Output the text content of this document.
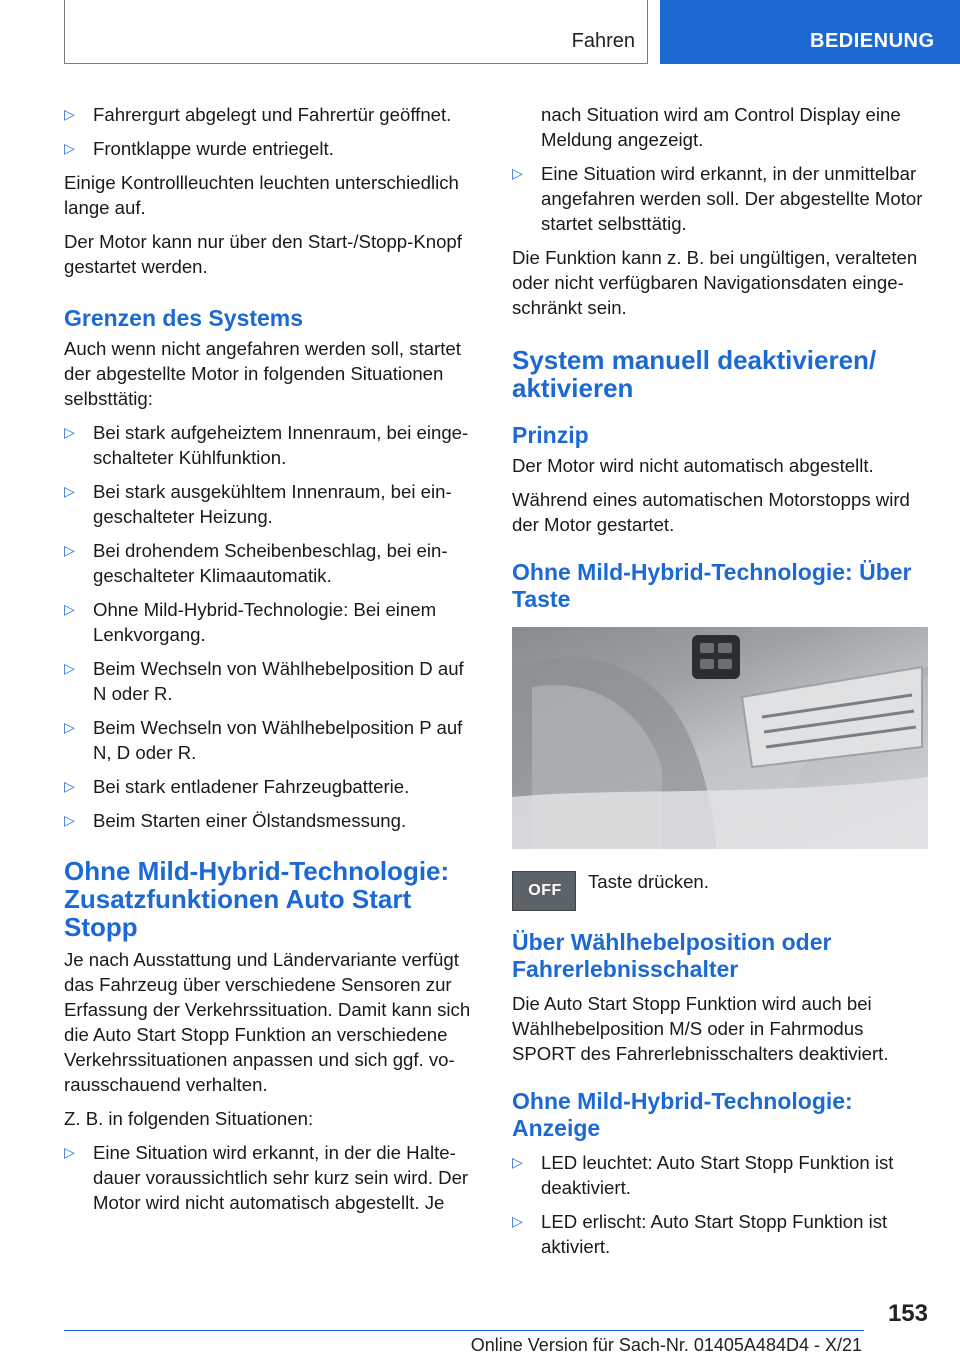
Fahren	BEDIENUNG
▷ Fahrergurt abgelegt und Fahrertür geöffnet.
▷ Frontklappe wurde entriegelt.

Einige Kontrollleuchten leuchten unterschiedlich lange auf.

Der Motor kann nur über den Start-/Stopp-Knopf gestartet werden.

Grenzen des Systems

Auch wenn nicht angefahren werden soll, startet der abgestellte Motor in folgenden Situationen selbsttätig:

▷ Bei stark aufgeheiztem Innenraum, bei eingeschalteter Kühlfunktion.
▷ Bei stark ausgekühltem Innenraum, bei eingeschalteter Heizung.
▷ Bei drohendem Scheibenbeschlag, bei eingeschalteter Klimaautomatik.
▷ Ohne Mild-Hybrid-Technologie: Bei einem Lenkvorgang.
▷ Beim Wechseln von Wählhebelposition D auf N oder R.
▷ Beim Wechseln von Wählhebelposition P auf N, D oder R.
▷ Bei stark entladener Fahrzeugbatterie.
▷ Beim Starten einer Ölstandsmessung.
Ohne Mild-Hybrid-Technologie: Zusatzfunktionen Auto Start Stopp

Je nach Ausstattung und Ländervariante verfügt das Fahrzeug über verschiedene Sensoren zur Erfassung der Verkehrssituation. Damit kann sich die Auto Start Stopp Funktion an verschiedene Verkehrssituationen anpassen und sich ggf. vorausschauend verhalten.

Z. B. in folgenden Situationen:

▷ Eine Situation wird erkannt, in der die Haltedauer voraussichtlich sehr kurz sein wird. Der Motor wird nicht automatisch abgestellt. Je
nach Situation wird am Control Display eine Meldung angezeigt.
▷ Eine Situation wird erkannt, in der unmittelbar angefahren werden soll. Der abgestellte Motor startet selbsttätig.

Die Funktion kann z. B. bei ungültigen, veralteten oder nicht verfügbaren Navigationsdaten eingeschränkt sein.

System manuell deaktivieren/ aktivieren
Prinzip

Der Motor wird nicht automatisch abgestellt.

Während eines automatischen Motorstopps wird der Motor gestartet.

Ohne Mild-Hybrid-Technologie: Über Taste
OFF	Taste drücken.
Über Wählhebelposition oder Fahrerlebnisschalter

Die Auto Start Stopp Funktion wird auch bei Wählhebelposition M/S oder in Fahrmodus SPORT des Fahrerlebnisschalters deaktiviert.

Ohne Mild-Hybrid-Technologie: Anzeige
▷ LED leuchtet: Auto Start Stopp Funktion ist deaktiviert.
▷ LED erlischt: Auto Start Stopp Funktion ist aktiviert.
153
Online Version für Sach-Nr. 01405A484D4 - X/21
